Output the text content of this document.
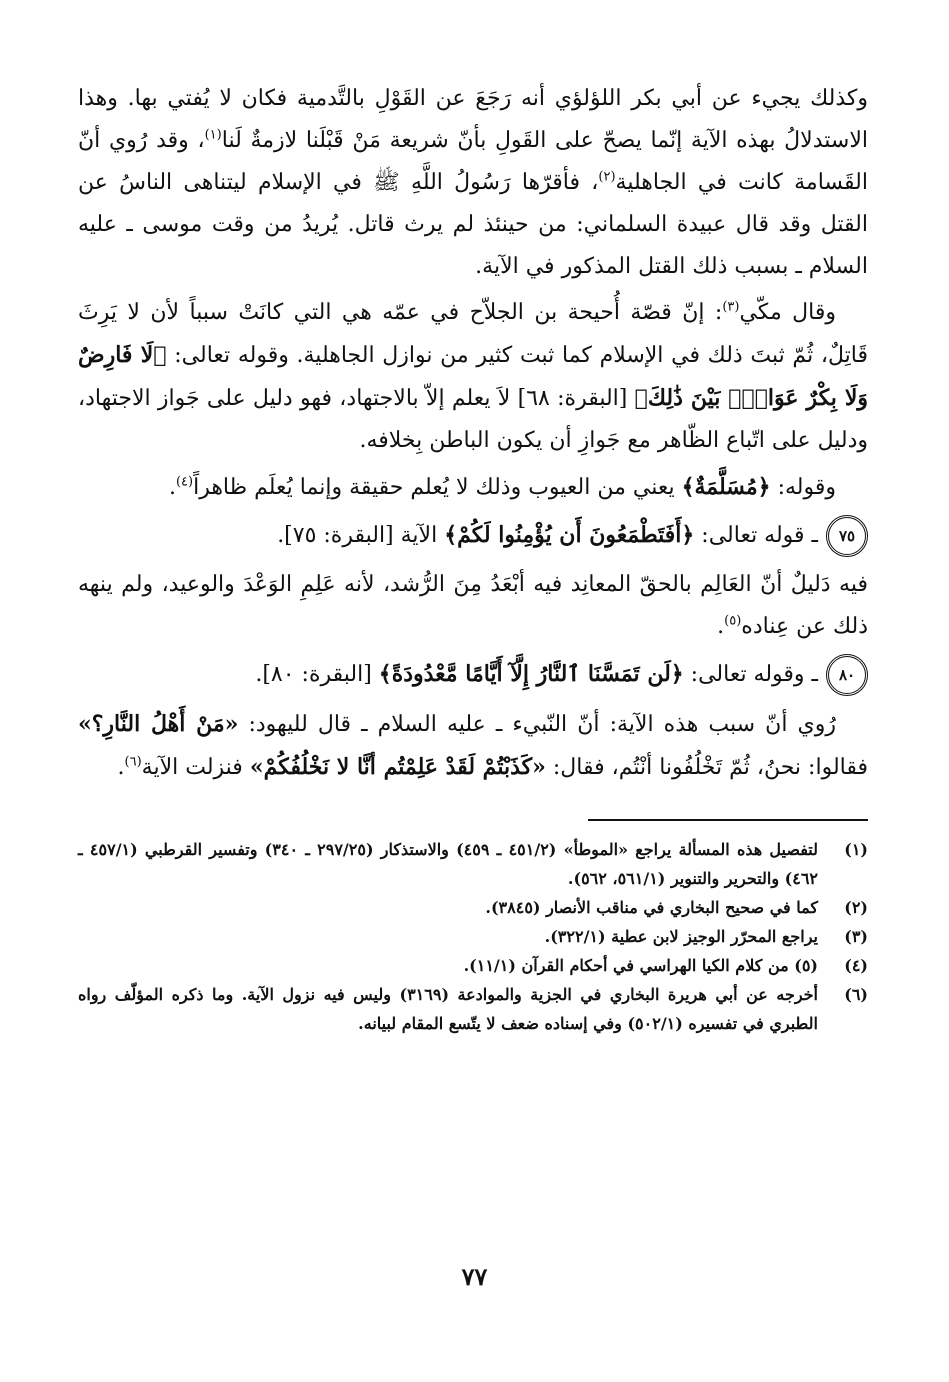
وكذلك يجيء عن أبي بكر اللؤلؤي أنه رَجَعَ عن القَوْلِ بالتَّدمية فكان لا يُفتي بها. وهذا الاستدلالُ بهذه الآية إنّما يصحّ على القَولِ بأنّ شريعة مَنْ قَبْلَنا لازمةٌ لَنا$^{(١)}$، وقد رُوي أنّ القَسامة كانت في الجاهلية$^{(٢)}$، فأقرّها رَسُولُ اللَّهِ ﷺ في الإسلام ليتناهى الناسُ عن القتل وقد قال عبيدة السلماني: من حينئذ لم يرث قاتل. يُريدُ من وقت موسى ـ عليه السلام ـ بسبب ذلك القتل المذكور في الآية.

وقال مكّي$^{(٣)}$: إنّ قصّة أُحيحة بن الجلاّح في عمّه هي التي كانَتْ سبباً لأن لا يَرِثَ قَاتِلٌ، ثُمّ ثبتَ ذلك في الإسلام كما ثبت كثير من نوازل الجاهلية. وقوله تعالى: ﴿لَا فَارِضٌ وَلَا بِكْرٌ عَوَانٌۢ بَيْنَ ذَٰلِكَ﴾ [البقرة: ٦٨] لاَ يعلم إلاّ بالاجتهاد، فهو دليل على جَواز الاجتهاد، ودليل على اتّباع الظّاهر مع جَوازِ أن يكون الباطن بِخلافه.

وقوله: ﴿مُسَلَّمَةٌ﴾ يعني من العيوب وذلك لا يُعلم حقيقة وإنما يُعلَم ظاهراً$^{(٤)}$.

٧٥
ـ قوله تعالى: ﴿أَفَتَطْمَعُونَ أَن يُؤْمِنُوا لَكُمْ﴾ الآية [البقرة: ٧٥].

فيه دَليلٌ أنّ العَالِم بالحقّ المعانِد فيه أبْعَدُ مِنَ الرُّشد، لأنه عَلِمِ الوَعْدَ والوعيد، ولم ينهه ذلك عن عِناده$^{(٥)}$.

٨٠
ـ وقوله تعالى: ﴿لَن تَمَسَّنَا ٱلنَّارُ إِلَّآ أَيَّامًا مَّعْدُودَةً﴾ [البقرة: ٨٠].

رُوي أنّ سبب هذه الآية: أنّ النّبيء ـ عليه السلام ـ قال لليهود: «مَنْ أَهْلُ النَّارِ؟» فقالوا: نحنُ، ثُمّ تَخْلُفُونا أنْتُم، فقال: «كَذَبْتُمْ لَقَدْ عَلِمْتُم أنَّا لا نَخْلُفُكُمْ» فنزلت الآية$^{(٦)}$.

(١)
لتفصيل هذه المسألة يراجع «الموطأ» (٤٥١/٢ ـ ٤٥٩) والاستذكار (٢٩٧/٢٥ ـ ٣٤٠) وتفسير القرطبي (٤٥٧/١ ـ ٤٦٢) والتحرير والتنوير (٥٦١/١، ٥٦٢).
(٢)
كما في صحيح البخاري في مناقب الأنصار (٣٨٤٥).
(٣)
يراجع المحرّر الوجيز لابن عطية (٣٢٢/١).
(٤)
(٥) من كلام الكيا الهراسي في أحكام القرآن (١١/١).
(٦)
أخرجه عن أبي هريرة البخاري في الجزية والموادعة (٣١٦٩) وليس فيه نزول الآية. وما ذكره المؤلّف رواه الطبري في تفسيره (٥٠٢/١) وفي إسناده ضعف لا يتّسع المقام لبيانه.
٧٧
